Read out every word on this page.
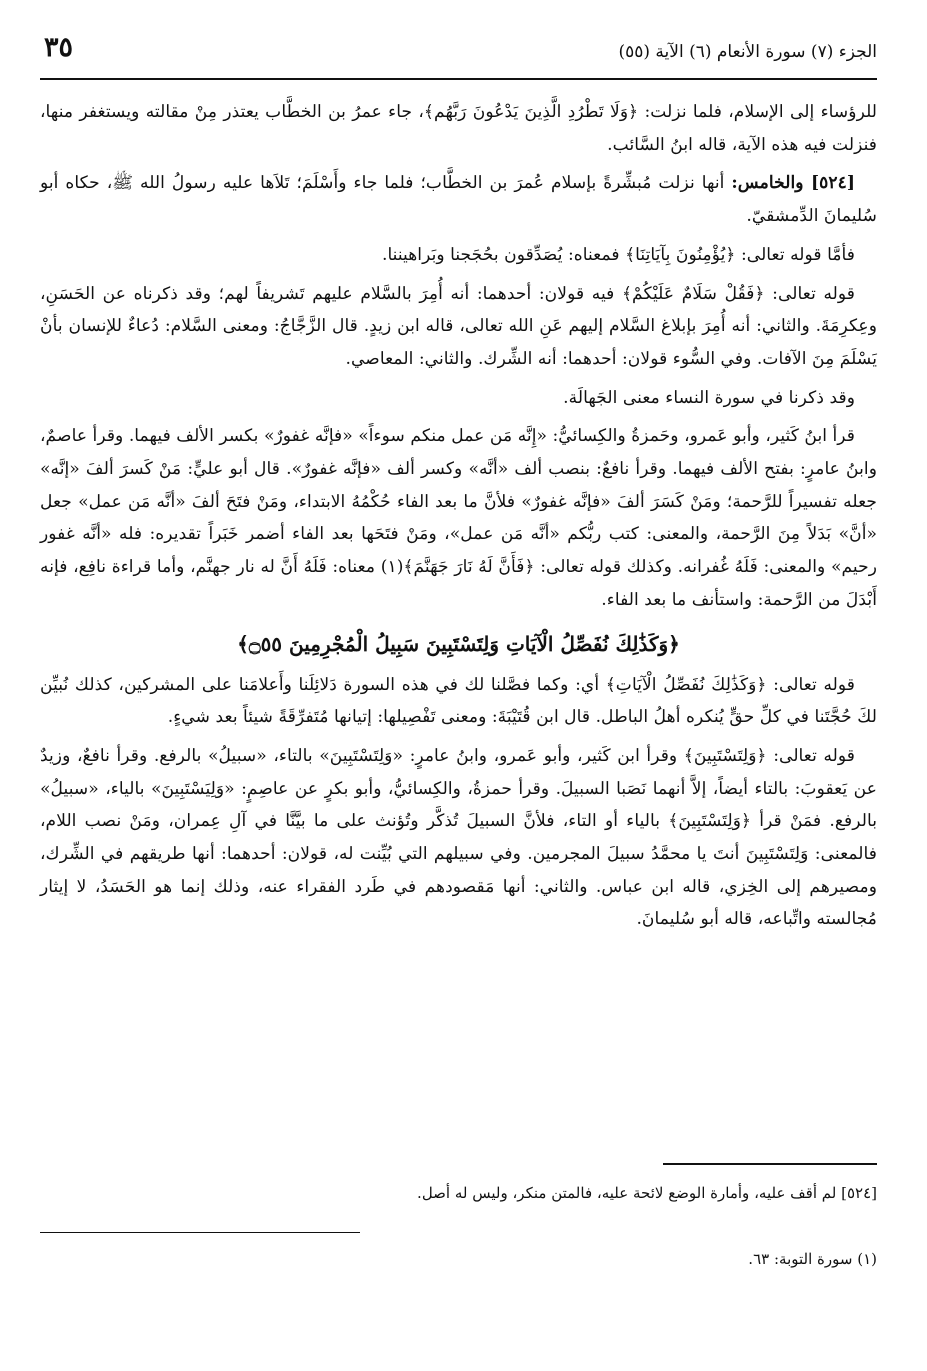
الجزء (٧) سورة الأنعام (٦) الآية (٥٥)
٣٥

للرؤساء إلى الإسلام، فلما نزلت: ﴿وَلَا تَطْرُدِ الَّذِينَ يَدْعُونَ رَبَّهُم﴾، جاء عمرُ بن الخطَّاب يعتذر مِنْ مقالته ويستغفر منها، فنزلت فيه هذه الآية، قاله ابنُ السَّائب.

[٥٢٤] والخامس: أنها نزلت مُبشِّرةً بإسلام عُمرَ بن الخطَّاب؛ فلما جاء وأَسْلَمَ؛ تَلاَها عليه رسولُ الله ﷺ، حكاه أبو سُليمانَ الدِّمشقيّ.

فأمَّا قوله تعالى: ﴿يُؤْمِنُونَ بِآيَاتِنَا﴾ فمعناه: يُصَدِّقون بحُجَجنا وبَراهيننا.

قوله تعالى: ﴿فَقُلْ سَلَامٌ عَلَيْكُمْ﴾ فيه قولان: أحدهما: أنه أُمِرَ بالسَّلام عليهم تَشريفاً لهم؛ وقد ذكرناه عن الحَسَنِ، وعِكرِمَةَ. والثاني: أنه أُمِرَ بإبلاغ السَّلام إليهم عَنِ الله تعالى، قاله ابن زيدٍ. قال الزَّجَّاجُ: ومعنى السَّلام: دُعاءٌ للإنسان بأنْ يَسْلَمَ مِنَ الآفات. وفي السُّوء قولان: أحدهما: أنه الشِّرك. والثاني: المعاصي.

وقد ذكرنا في سورة النساء معنى الجَهالَة.

قرأ ابنُ كَثير، وأبو عَمرو، وحَمزةُ والكِسائيُّ: «إِنَّه مَن عمل منكم سوءاً» «فإنَّه غفورٌ» بكسر الألف فيهما. وقرأ عاصمٌ، وابنُ عامرٍ: بفتح الألف فيهما. وقرأ نافعٌ: بنصب ألف «أنَّه» وكسر ألف «فإنَّه غفورٌ». قال أبو عليٍّ: مَنْ كَسرَ ألفَ «إنَّه» جعله تفسيراً للرَّحمة؛ ومَنْ كَسَرَ ألفَ «فإنَّه غفورٌ» فلأنَّ ما بعد الفاء حُكْمُهُ الابتداء، ومَنْ فتَحَ ألفَ «أنَّه مَن عمل» جعل «أنَّ» بَدَلاً مِنَ الرَّحمة، والمعنى: كتب ربُّكم «أنَّه مَن عمل»، ومَنْ فتَحَها بعد الفاء أضمر خَبَراً تقديره: فله «أنَّه غفور رحيم» والمعنى: فَلَهُ غُفرانه. وكذلك قوله تعالى: ﴿فَأَنَّ لَهُ نَارَ جَهَنَّمَ﴾(١) معناه: فَلَهُ أَنَّ له نار جهنَّم، وأما قراءة نافِع، فإنه أَبْدَلَ من الرَّحمة: واستأنف ما بعد الفاء.

﴿وَكَذَٰلِكَ نُفَصِّلُ الْآيَاتِ وَلِتَسْتَبِينَ سَبِيلُ الْمُجْرِمِينَ ۝٥٥﴾

قوله تعالى: ﴿وَكَذَٰلِكَ نُفَصِّلُ الْآيَاتِ﴾ أي: وكما فصَّلنا لك في هذه السورة دَلائِلَنا وأَعلامَنا على المشركين، كذلك نُبيِّن لكَ حُجَّتَنا في كلِّ حقٍّ يُنكره أهلُ الباطل. قال ابن قُتَيْبَةَ: ومعنى تَفْصِيلها: إتيانها مُتَفرِّقَةً شيئاً بعد شيءٍ.

قوله تعالى: ﴿وَلِتَسْتَبِينَ﴾ وقرأ ابن كَثير، وأبو عَمرو، وابنُ عامرٍ: «وَلِتَسْتَبِينَ» بالتاء، «سبيلُ» بالرفع. وقرأ نافعٌ، وزيدٌ عن يَعقوبَ: بالتاء أيضاً، إلاَّ أنهما نَصَبا السبيلَ. وقرأ حمزةُ، والكِسائيُّ، وأبو بكرٍ عن عاصِمٍ: «وَلِيَسْتَبِينَ» بالياء، «سبيلُ» بالرفع. فمَنْ قرأ ﴿وَلِتَسْتَبِينَ﴾ بالياء أو التاء، فلأنَّ السبيلَ تُذكَّر وتُؤنث على ما بيَّنَّا في آلِ عِمران، ومَنْ نصب اللام، فالمعنى: وَلِتَسْتَبِينَ أنتَ يا محمَّدُ سبيلَ المجرمين. وفي سبيلهم التي بُيِّنت له، قولان: أحدهما: أنها طريقهم في الشِّرك، ومصيرهم إلى الخِزي، قاله ابن عباس. والثاني: أنها مَقصودهم في طَرد الفقراء عنه، وذلك إنما هو الحَسَدُ، لا إيثار مُجالسته واتِّباعه، قاله أبو سُليمانَ.

[٥٢٤] لم أقف عليه، وأمارة الوضع لائحة عليه، فالمتن منكر، وليس له أصل.
(١) سورة التوبة: ٦٣.
